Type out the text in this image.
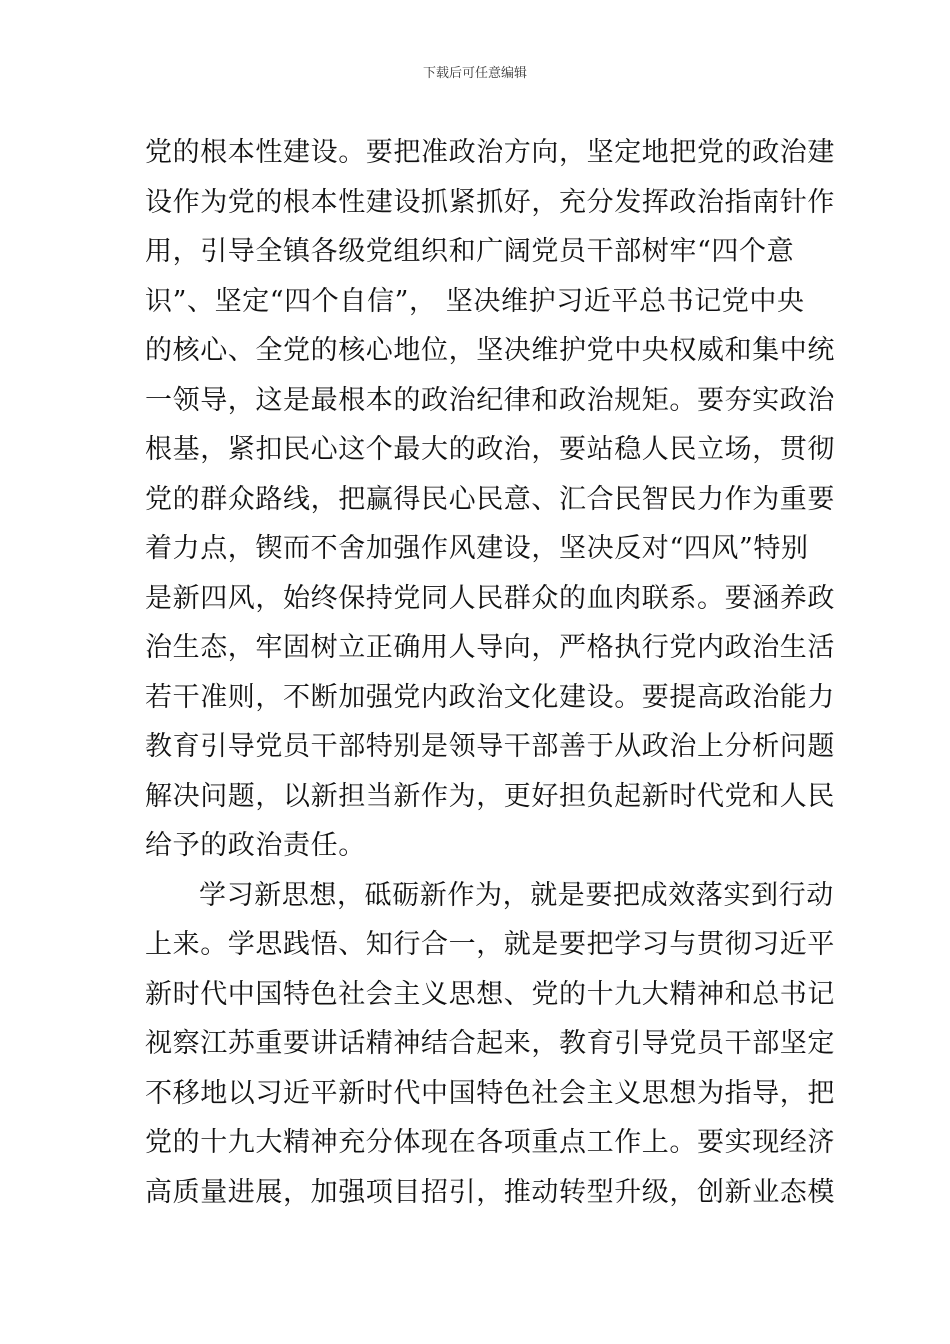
下载后可任意编辑
党的根本性建设。要把准政治方向，坚定地把党的政治建
设作为党的根本性建设抓紧抓好，充分发挥政治指南针作
用，引导全镇各级党组织和广阔党员干部树牢“四个意
识”、坚定“四个自信”， 坚决维护习近平总书记党中央
的核心、全党的核心地位，坚决维护党中央权威和集中统
一领导，这是最根本的政治纪律和政治规矩。要夯实政治
根基，紧扣民心这个最大的政治，要站稳人民立场，贯彻
党的群众路线，把赢得民心民意、汇合民智民力作为重要
着力点，锲而不舍加强作风建设，坚决反对“四风”特别
是新四风，始终保持党同人民群众的血肉联系。要涵养政
治生态，牢固树立正确用人导向，严格执行党内政治生活
若干准则，不断加强党内政治文化建设。要提高政治能力
教育引导党员干部特别是领导干部善于从政治上分析问题
解决问题，以新担当新作为，更好担负起新时代党和人民
给予的政治责任。
学习新思想，砥砺新作为，就是要把成效落实到行动
上来。学思践悟、知行合一，就是要把学习与贯彻习近平
新时代中国特色社会主义思想、党的十九大精神和总书记
视察江苏重要讲话精神结合起来，教育引导党员干部坚定
不移地以习近平新时代中国特色社会主义思想为指导，把
党的十九大精神充分体现在各项重点工作上。要实现经济
高质量进展，加强项目招引，推动转型升级，创新业态模
